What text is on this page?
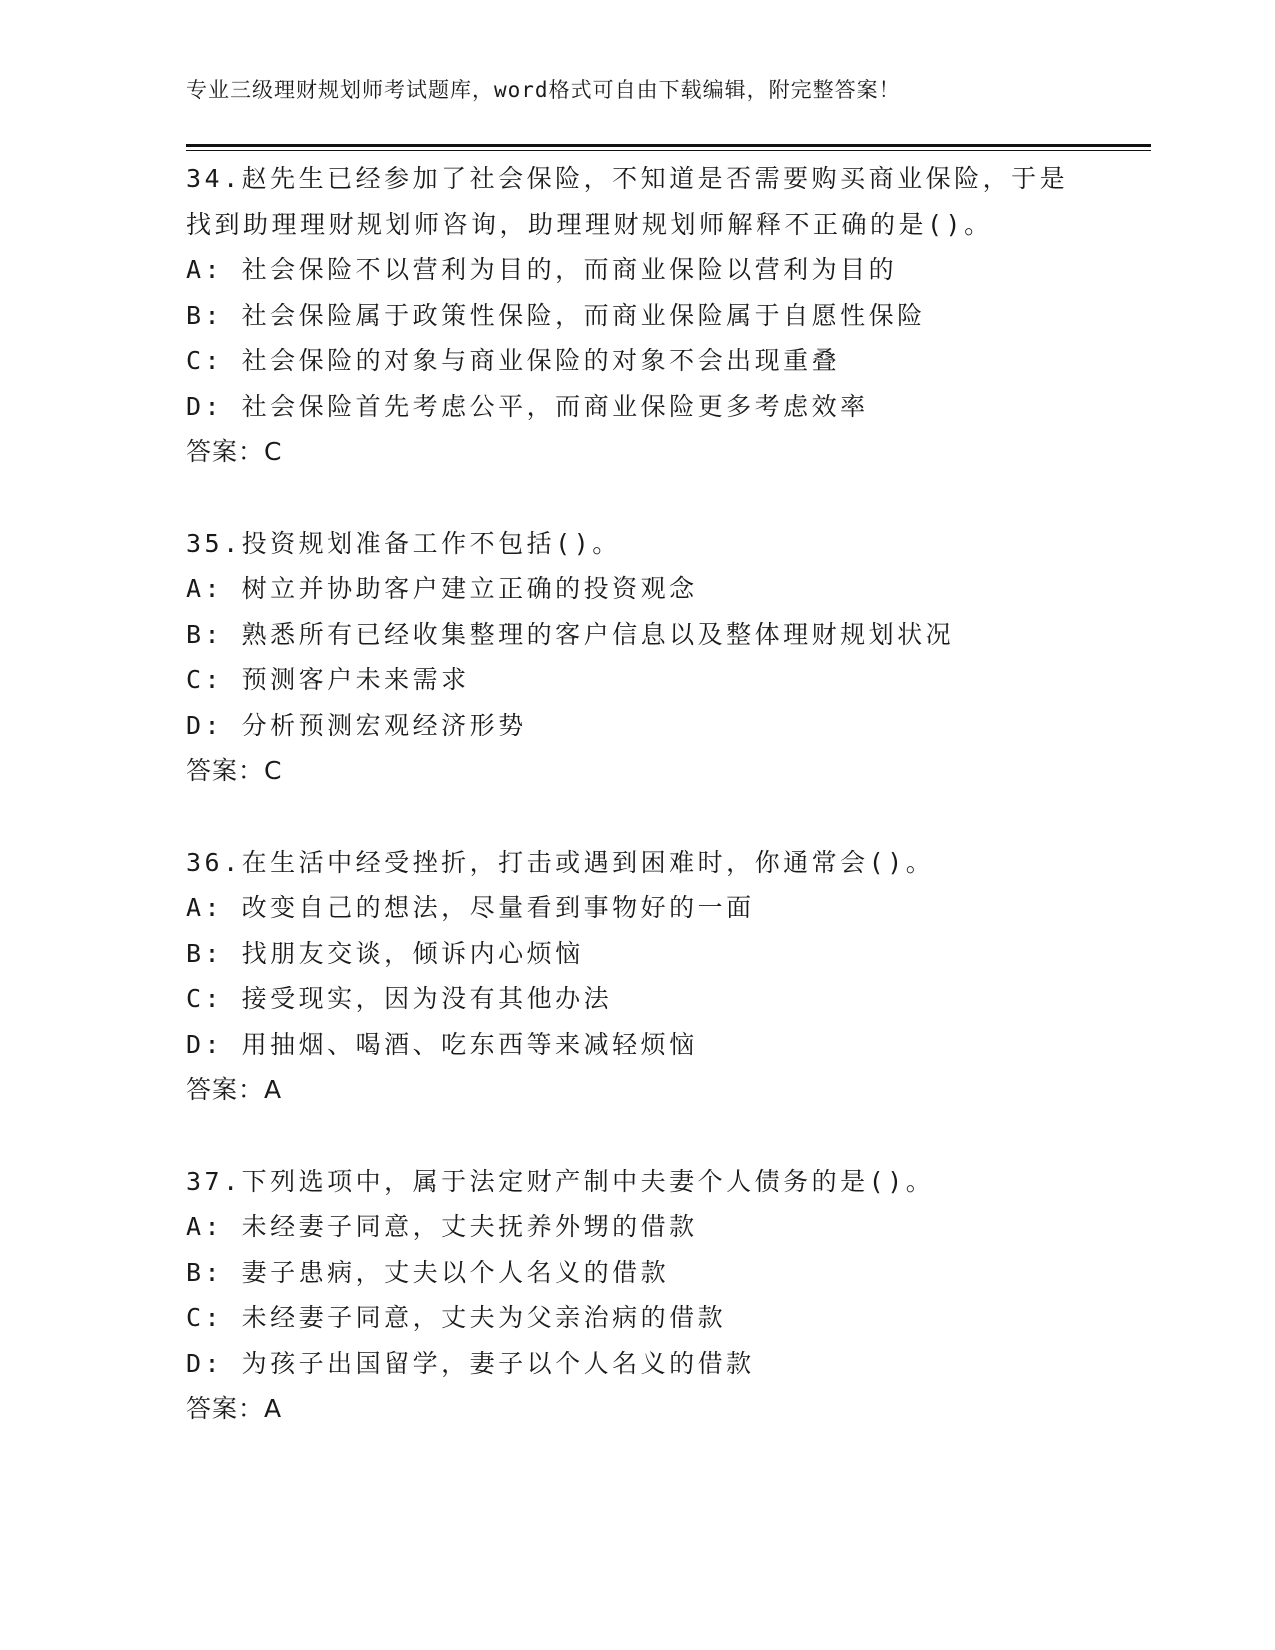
专业三级理财规划师考试题库，word格式可自由下载编辑，附完整答案！
34.赵先生已经参加了社会保险，不知道是否需要购买商业保险，于是
找到助理理财规划师咨询，助理理财规划师解释不正确的是()。
A: 社会保险不以营利为目的，而商业保险以营利为目的
B: 社会保险属于政策性保险，而商业保险属于自愿性保险
C: 社会保险的对象与商业保险的对象不会出现重叠
D: 社会保险首先考虑公平，而商业保险更多考虑效率
答案：C
35.投资规划准备工作不包括()。
A: 树立并协助客户建立正确的投资观念
B: 熟悉所有已经收集整理的客户信息以及整体理财规划状况
C: 预测客户未来需求
D: 分析预测宏观经济形势
答案：C
36.在生活中经受挫折，打击或遇到困难时，你通常会()。
A: 改变自己的想法，尽量看到事物好的一面
B: 找朋友交谈，倾诉内心烦恼
C: 接受现实，因为没有其他办法
D: 用抽烟、喝酒、吃东西等来减轻烦恼
答案：A
37.下列选项中，属于法定财产制中夫妻个人债务的是()。
A: 未经妻子同意，丈夫抚养外甥的借款
B: 妻子患病，丈夫以个人名义的借款
C: 未经妻子同意，丈夫为父亲治病的借款
D: 为孩子出国留学，妻子以个人名义的借款
答案：A
